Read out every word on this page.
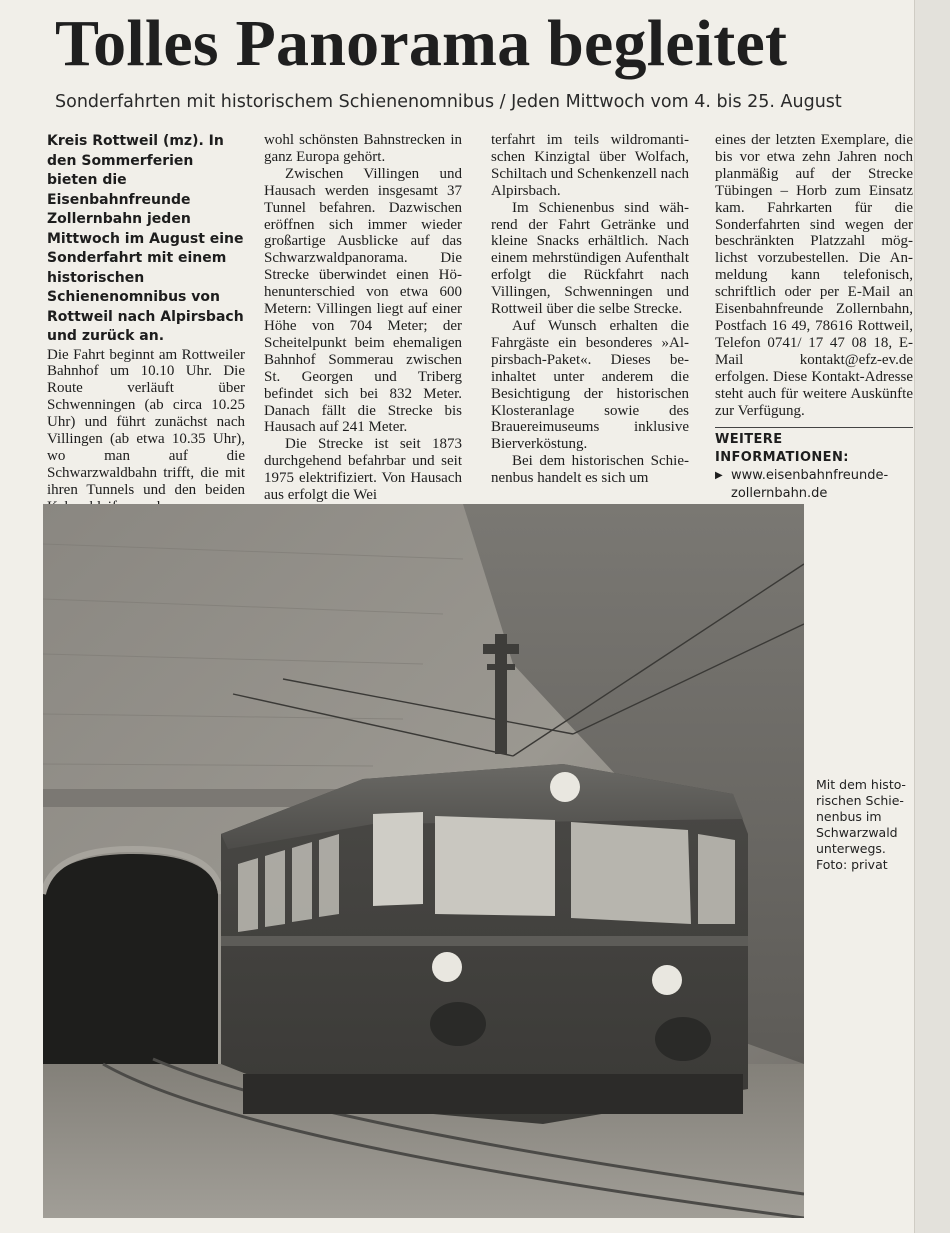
Tolles Panorama begleitet
Sonderfahrten mit historischem Schienenomnibus / Jeden Mittwoch vom 4. bis 25. August

Kreis Rottweil (mz). In den Sommerferien bieten die Eisenbahnfreunde Zollernbahn jeden Mittwoch im August eine Sonderfahrt mit einem historischen Schienenomnibus von Rottweil nach Alpirsbach und zurück an.

Die Fahrt beginnt am Rottweiler Bahnhof um 10.10 Uhr. Die Route verläuft über Schwenningen (ab circa 10.25 Uhr) und führt zunächst nach Villingen (ab etwa 10.35 Uhr), wo man auf die Schwarzwaldbahn trifft, die mit ihren Tunnels und den beiden

wohl schönsten Bahnstrecken in ganz Europa gehört.

Zwischen Villingen und Hausach werden insgesamt 37 Tunnel befahren. Dazwischen eröffnen sich immer wieder großartige Ausblicke auf das Schwarzwaldpanorama. Die Strecke überwindet einen Höhenunterschied von etwa 600 Metern: Villingen liegt auf einer Höhe von 704 Meter; der Scheitelpunkt beim ehemaligen Bahnhof Sommerau zwischen St. Georgen und Triberg befindet sich bei 832 Meter. Danach fällt die Strecke bis Hausach auf 241 Meter.

Die Strecke ist seit 1873 durchgehend befahrbar und seit 1975 elektrifiziert. Von Hausach aus erfolgt die Wei

terfahrt im teils wildromantischen Kinzigtal über Wolfach, Schiltach und Schenkenzell nach Alpirsbach.

Im Schienenbus sind während der Fahrt Getränke und kleine Snacks erhältlich. Nach einem mehrstündigen Aufenthalt erfolgt die Rückfahrt nach Villingen, Schwenningen und Rottweil über die selbe Strecke.

Auf Wunsch erhalten die Fahrgäste ein besonderes »Alpirsbach-Paket«. Dieses beinhaltet unter anderem die Besichtigung der historischen Klosteranlage sowie des Brauereimuseums inklusive Bierverköstung.

Bei dem historischen Schienenbus handelt es sich um

eines der letzten Exemplare, die bis vor etwa zehn Jahren noch planmäßig auf der Strecke Tübingen – Horb zum Einsatz kam. Fahrkarten für die Sonderfahrten sind wegen der beschränkten Platzzahl möglichst vorzubestellen. Die Anmeldung kann telefonisch, schriftlich oder per E-Mail an Eisenbahnfreunde Zollernbahn, Postfach 16 49, 78616 Rottweil, Telefon 0741/ 17 47 08 18, E-Mail kontakt@efz-ev.de erfolgen. Diese Kontakt-Adresse steht auch für weitere Auskünfte zur Verfügung.

WEITERE INFORMATIONEN:

▶ www.eisenbahnfreunde-zollernbahn.de

Mit dem historischen Schienenbus im Schwarzwald unterwegs. Foto: privat
